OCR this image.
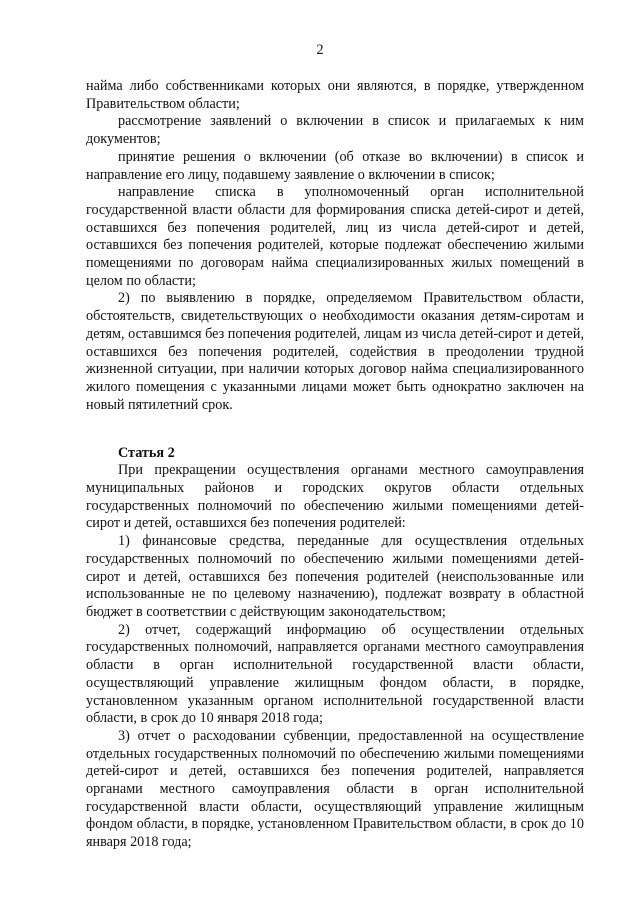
2

найма либо собственниками которых они являются, в порядке, утвержденном Правительством области;

рассмотрение заявлений о включении в список и прилагаемых к ним документов;

принятие решения о включении (об отказе во включении) в список и направление его лицу, подавшему заявление о включении в список;

направление списка в уполномоченный орган исполнительной государственной власти области для формирования списка детей-сирот и детей, оставшихся без попечения родителей, лиц из числа детей-сирот и детей, оставшихся без попечения родителей, которые подлежат обеспечению жилыми помещениями по договорам найма специализированных жилых помещений в целом по области;

2) по выявлению в порядке, определяемом Правительством области, обстоятельств, свидетельствующих о необходимости оказания детям-сиротам и детям, оставшимся без попечения родителей, лицам из числа детей-сирот и детей, оставшихся без попечения родителей, содействия в преодолении трудной жизненной ситуации, при наличии которых договор найма специализированного жилого помещения с указанными лицами может быть однократно заключен на новый пятилетний срок.

Статья 2

При прекращении осуществления органами местного самоуправления муниципальных районов и городских округов области отдельных государственных полномочий по обеспечению жилыми помещениями детей-сирот и детей, оставшихся без попечения родителей:

1) финансовые средства, переданные для осуществления отдельных государственных полномочий по обеспечению жилыми помещениями детей-сирот и детей, оставшихся без попечения родителей (неиспользованные или использованные не по целевому назначению), подлежат возврату в областной бюджет в соответствии с действующим законодательством;

2) отчет, содержащий информацию об осуществлении отдельных государственных полномочий, направляется органами местного самоуправления области в орган исполнительной государственной власти области, осуществляющий управление жилищным фондом области, в порядке, установленном указанным органом исполнительной государственной власти области, в срок до 10 января 2018 года;

3) отчет о расходовании субвенции, предоставленной на осуществление отдельных государственных полномочий по обеспечению жилыми помещениями детей-сирот и детей, оставшихся без попечения родителей, направляется органами местного самоуправления области в орган исполнительной государственной власти области, осуществляющий управление жилищным фондом области, в порядке, установленном Правительством области, в срок до 10 января 2018 года;
